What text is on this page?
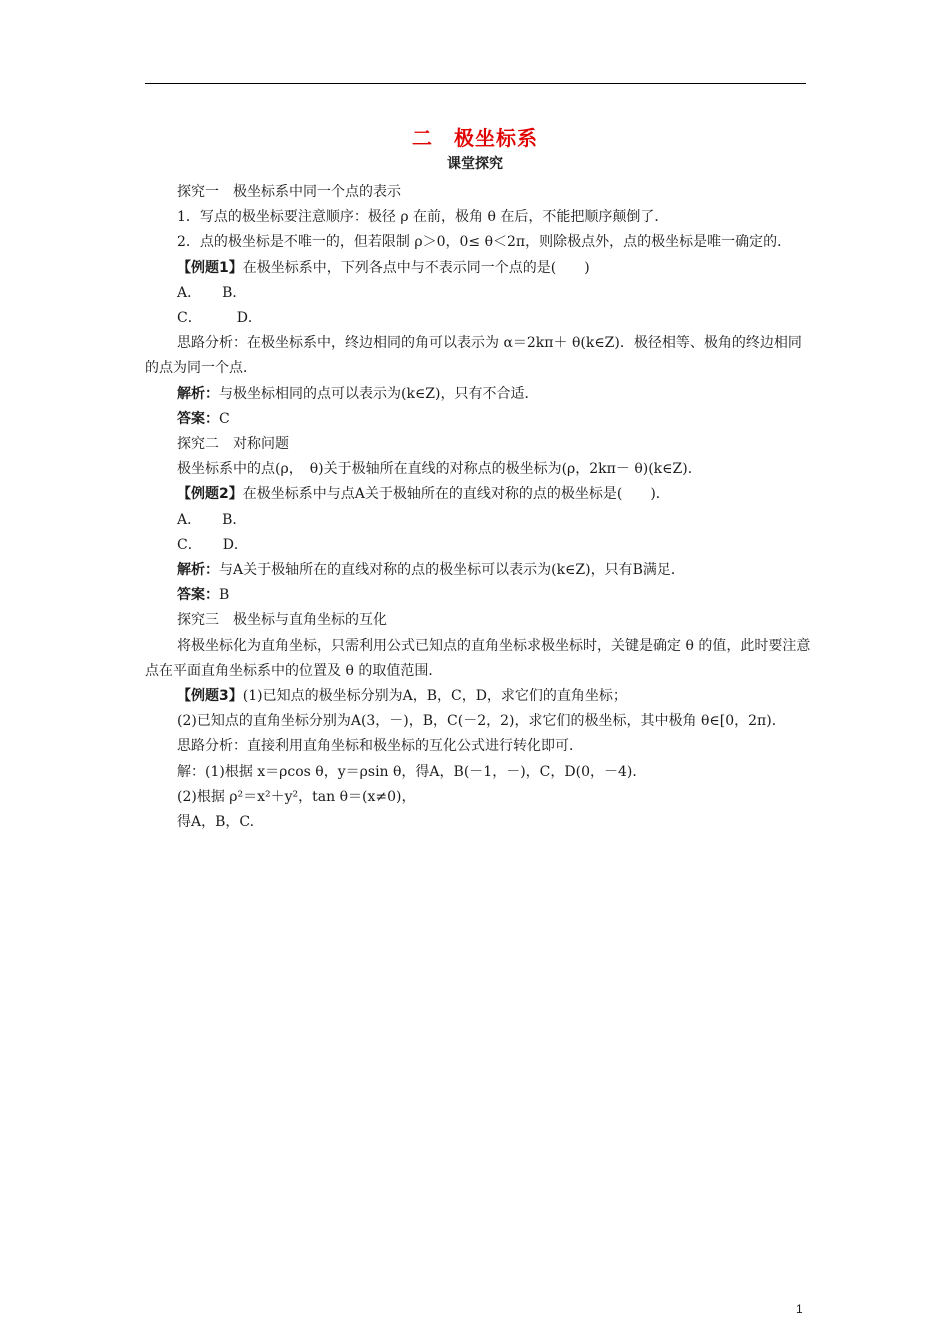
二　极坐标系
课堂探究

探究一　极坐标系中同一个点的表示

1．写点的极坐标要注意顺序：极径 ρ 在前，极角 θ 在后，不能把顺序颠倒了．

2．点的极坐标是不唯一的，但若限制 ρ＞0，0≤ θ＜2π，则除极点外，点的极坐标是唯一确定的．

【例题1】在极坐标系中，下列各点中与不表示同一个点的是(　　)

A．　　B．

C．　　　D．

思路分析：在极坐标系中，终边相同的角可以表示为 α＝2kπ＋ θ(k∈Z)．极径相等、极角的终边相同的点为同一个点．

解析：与极坐标相同的点可以表示为(k∈Z)，只有不合适．

答案：C

探究二　对称问题

极坐标系中的点(ρ，　θ)关于极轴所在直线的对称点的极坐标为(ρ，2kπ－ θ)(k∈Z)．

【例题2】在极坐标系中与点A关于极轴所在的直线对称的点的极坐标是(　　)．

A．　　B．

C．　　D．

解析：与A关于极轴所在的直线对称的点的极坐标可以表示为(k∈Z)，只有B满足．

答案：B

探究三　极坐标与直角坐标的互化

将极坐标化为直角坐标，只需利用公式已知点的直角坐标求极坐标时，关键是确定 θ 的值，此时要注意点在平面直角坐标系中的位置及 θ 的取值范围．

【例题3】(1)已知点的极坐标分别为A，B，C，D，求它们的直角坐标；

(2)已知点的直角坐标分别为A(3，－)，B，C(－2，2)，求它们的极坐标，其中极角 θ∈[0，2π)．

思路分析：直接利用直角坐标和极坐标的互化公式进行转化即可．

解：(1)根据 x＝ρcos θ，y＝ρsin θ，得A，B(－1，－)，C，D(0，－4)．

(2)根据 ρ²＝x²＋y²，tan θ＝(x≠0)，

得A，B，C.

1
